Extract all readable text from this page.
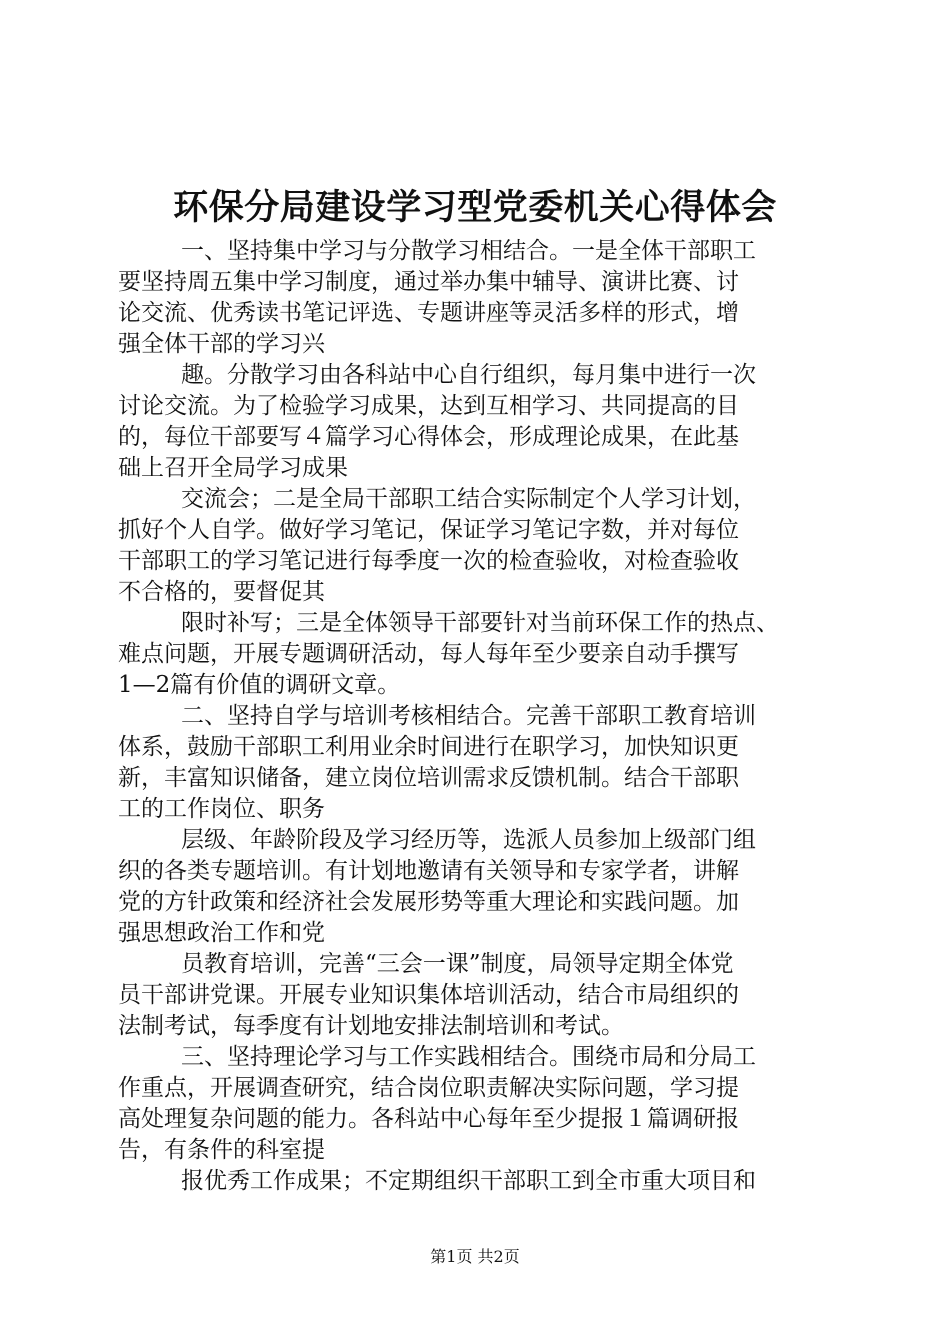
环保分局建设学习型党委机关心得体会
一、坚持集中学习与分散学习相结合。一是全体干部职工
要坚持周五集中学习制度，通过举办集中辅导、演讲比赛、讨
论交流、优秀读书笔记评选、专题讲座等灵活多样的形式，增
强全体干部的学习兴
趣。分散学习由各科站中心自行组织，每月集中进行一次
讨论交流。为了检验学习成果，达到互相学习、共同提高的目
的，每位干部要写４篇学习心得体会，形成理论成果，在此基
础上召开全局学习成果
交流会；二是全局干部职工结合实际制定个人学习计划，
抓好个人自学。做好学习笔记，保证学习笔记字数，并对每位
干部职工的学习笔记进行每季度一次的检查验收，对检查验收
不合格的，要督促其
限时补写；三是全体领导干部要针对当前环保工作的热点、
难点问题，开展专题调研活动，每人每年至少要亲自动手撰写
1—2篇有价值的调研文章。
二、坚持自学与培训考核相结合。完善干部职工教育培训
体系，鼓励干部职工利用业余时间进行在职学习，加快知识更
新，丰富知识储备，建立岗位培训需求反馈机制。结合干部职
工的工作岗位、职务
层级、年龄阶段及学习经历等，选派人员参加上级部门组
织的各类专题培训。有计划地邀请有关领导和专家学者，讲解
党的方针政策和经济社会发展形势等重大理论和实践问题。加
强思想政治工作和党
员教育培训，完善“三会一课”制度，局领导定期全体党
员干部讲党课。开展专业知识集体培训活动，结合市局组织的
法制考试，每季度有计划地安排法制培训和考试。
三、坚持理论学习与工作实践相结合。围绕市局和分局工
作重点，开展调查研究，结合岗位职责解决实际问题，学习提
高处理复杂问题的能力。各科站中心每年至少提报１篇调研报
告，有条件的科室提
报优秀工作成果；不定期组织干部职工到全市重大项目和
第1页 共2页
